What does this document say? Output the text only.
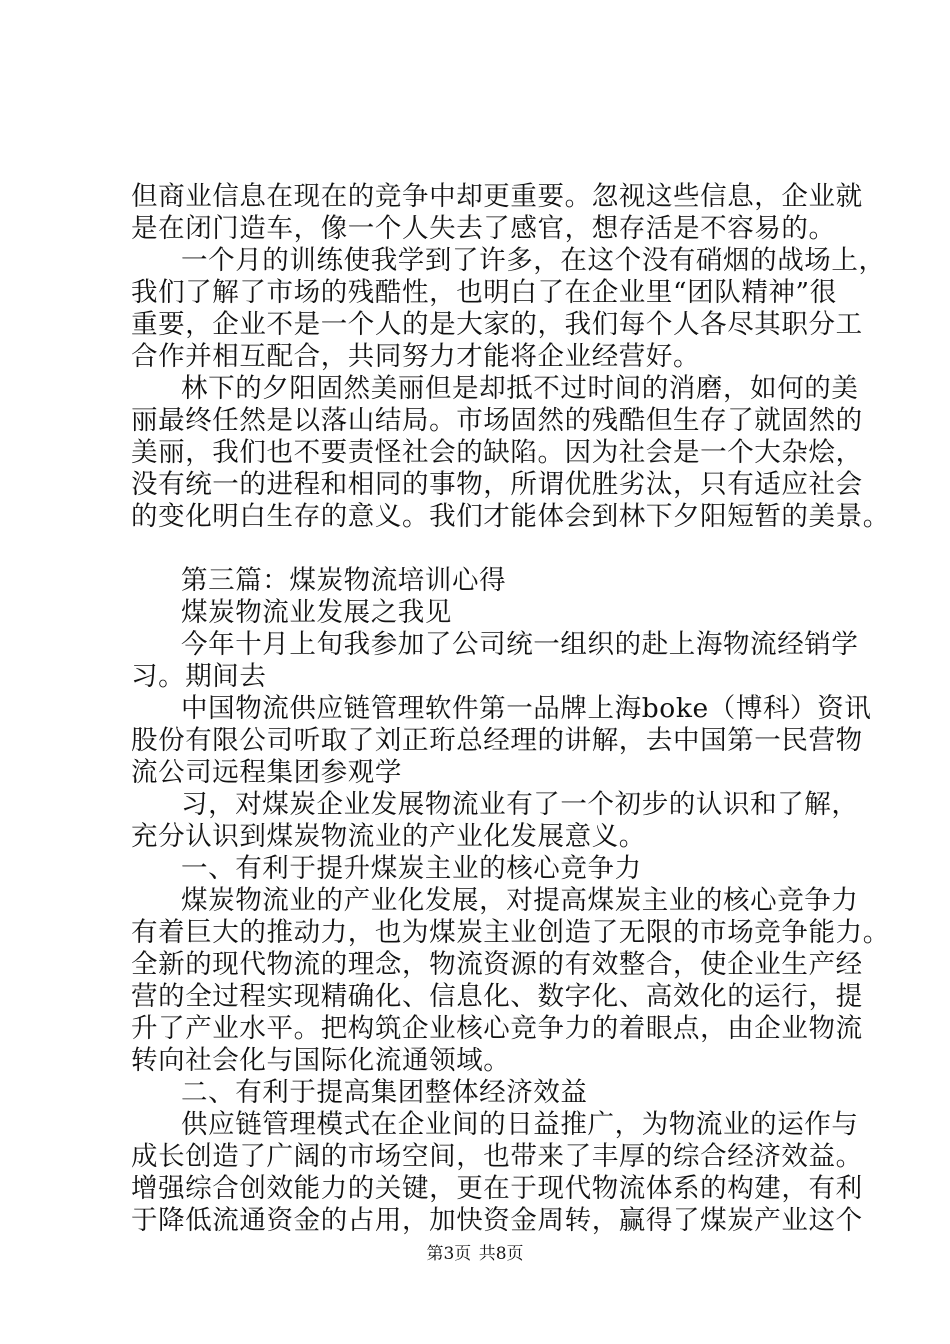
但商业信息在现在的竞争中却更重要。忽视这些信息，企业就
是在闭门造车，像一个人失去了感官，想存活是不容易的。
一个月的训练使我学到了许多，在这个没有硝烟的战场上，
我们了解了市场的残酷性，也明白了在企业里“团队精神”很
重要，企业不是一个人的是大家的，我们每个人各尽其职分工
合作并相互配合，共同努力才能将企业经营好。
林下的夕阳固然美丽但是却抵不过时间的消磨，如何的美
丽最终任然是以落山结局。市场固然的残酷但生存了就固然的
美丽，我们也不要责怪社会的缺陷。因为社会是一个大杂烩，
没有统一的进程和相同的事物，所谓优胜劣汰，只有适应社会
的变化明白生存的意义。我们才能体会到林下夕阳短暂的美景。
第三篇：煤炭物流培训心得
煤炭物流业发展之我见
今年十月上旬我参加了公司统一组织的赴上海物流经销学
习。期间去
中国物流供应链管理软件第一品牌上海boke（博科）资讯
股份有限公司听取了刘正珩总经理的讲解，去中国第一民营物
流公司远程集团参观学
习，对煤炭企业发展物流业有了一个初步的认识和了解，
充分认识到煤炭物流业的产业化发展意义。
一、有利于提升煤炭主业的核心竞争力
煤炭物流业的产业化发展，对提高煤炭主业的核心竞争力
有着巨大的推动力，也为煤炭主业创造了无限的市场竞争能力。
全新的现代物流的理念，物流资源的有效整合，使企业生产经
营的全过程实现精确化、信息化、数字化、高效化的运行，提
升了产业水平。把构筑企业核心竞争力的着眼点，由企业物流
转向社会化与国际化流通领域。
二、有利于提高集团整体经济效益
供应链管理模式在企业间的日益推广，为物流业的运作与
成长创造了广阔的市场空间，也带来了丰厚的综合经济效益。
增强综合创效能力的关键，更在于现代物流体系的构建，有利
于降低流通资金的占用，加快资金周转，赢得了煤炭产业这个
第3页 共8页
